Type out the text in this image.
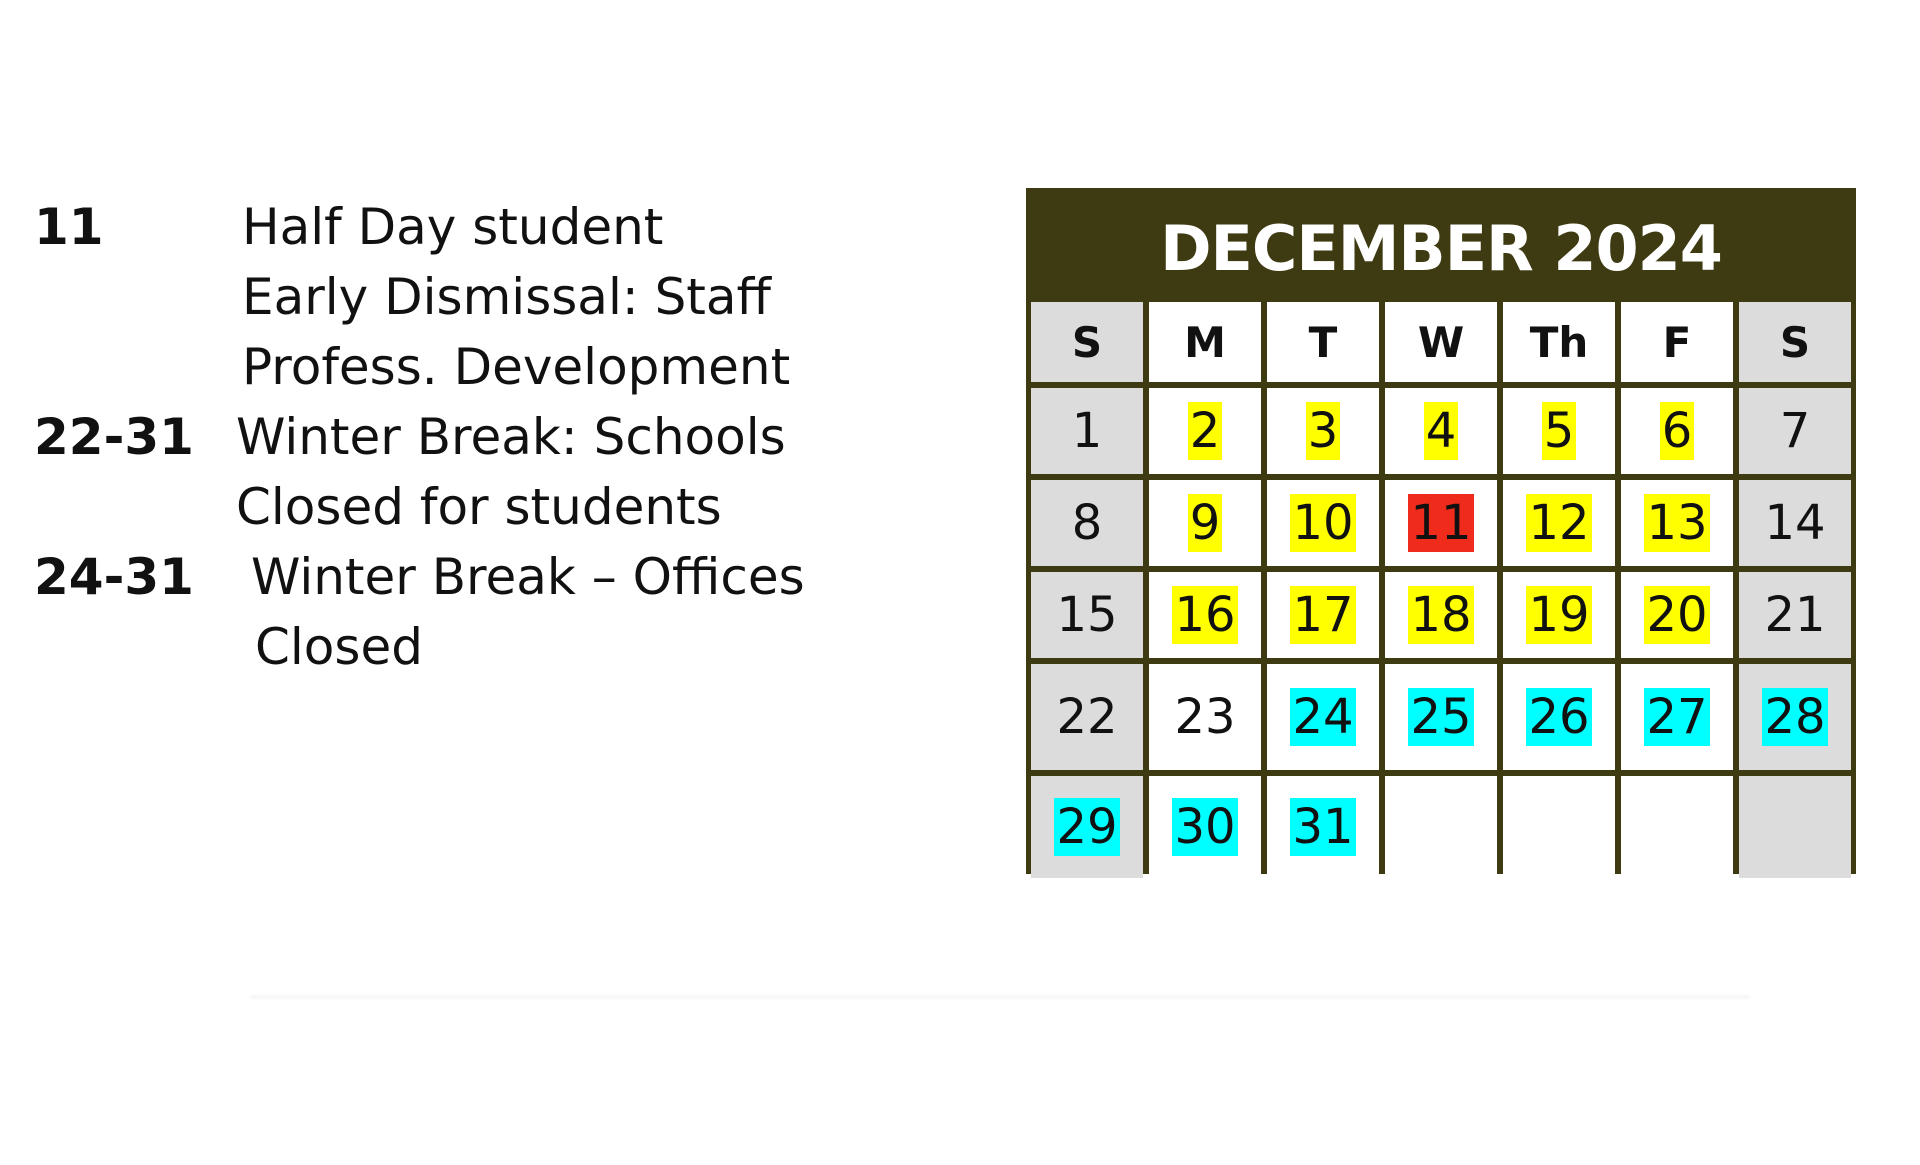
11	Half Day student
Early Dismissal: Staff
Profess. Development
22-31 Winter Break: Schools
Closed for students
24-31	Winter Break – Offices
Closed
DECEMBER 2024
S	M	T	W	Th	F	S
1 2 3 4 5 6 7
8 9 10 11 12 13 14
15 16 17 18 19 20 21
22 23 24 25 26 27 28
29 30 31
